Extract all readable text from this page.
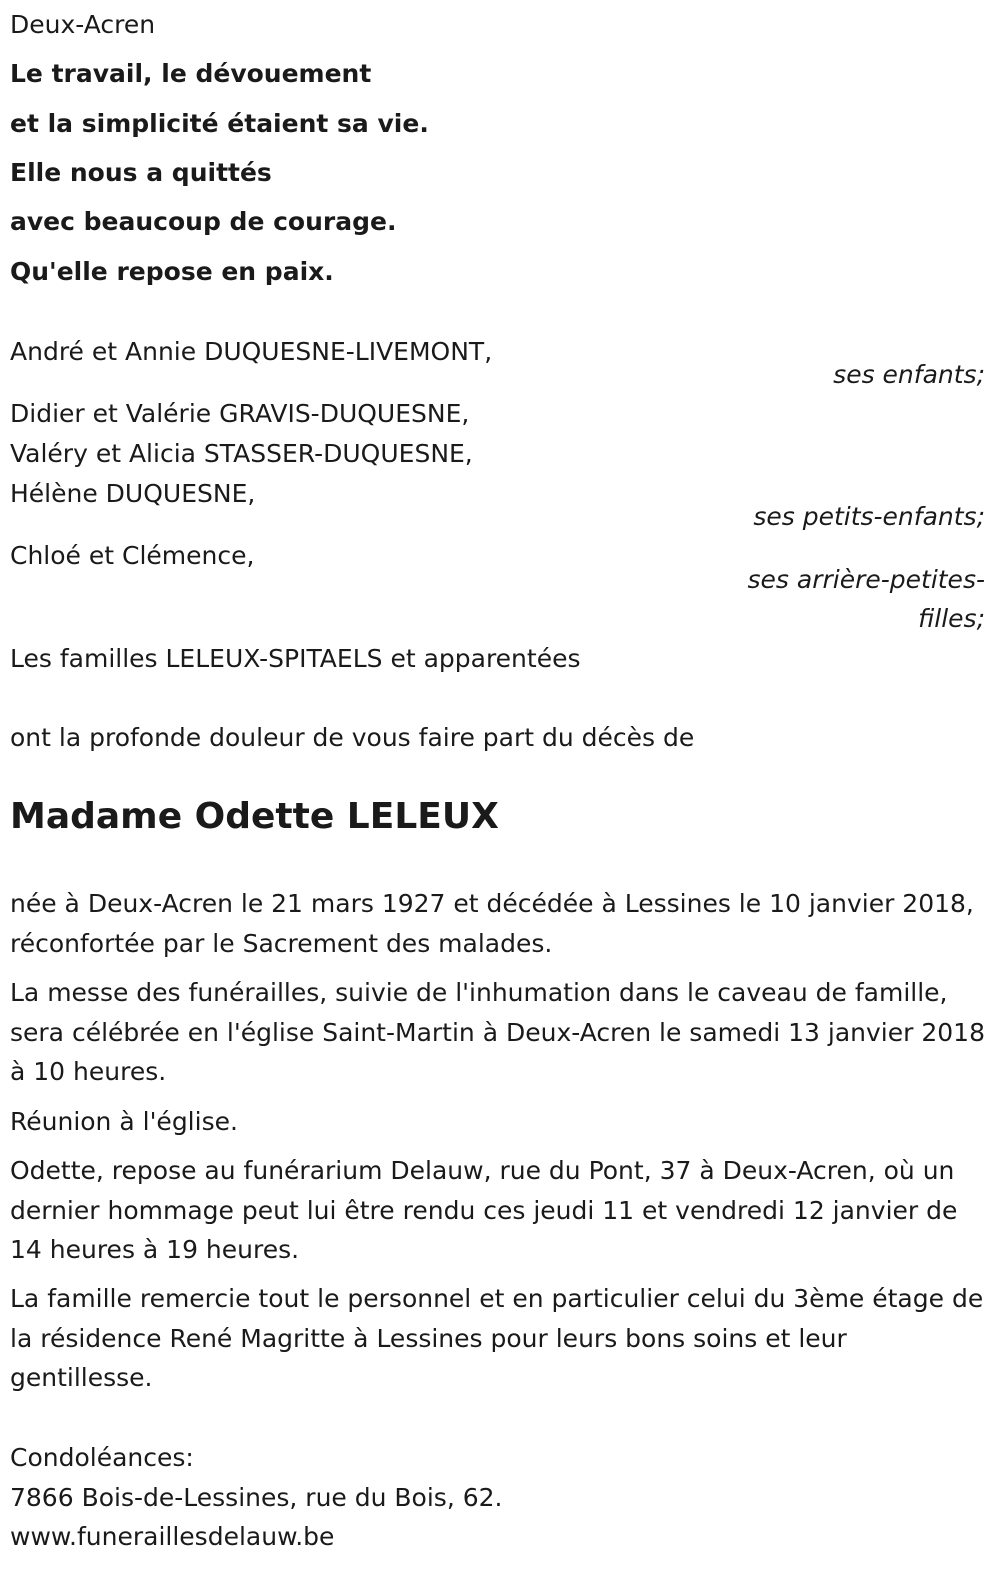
Deux-Acren
Le travail, le dévouement
et la simplicité étaient sa vie.
Elle nous a quittés
avec beaucoup de courage.
Qu'elle repose en paix.
André et Annie DUQUESNE-LIVEMONT,
ses enfants;
Didier et Valérie GRAVIS-DUQUESNE,
Valéry et Alicia STASSER-DUQUESNE,
Hélène DUQUESNE,
ses petits-enfants;
Chloé et Clémence,
ses arrière-petites-
filles;
Les familles LELEUX-SPITAELS et apparentées
ont la profonde douleur de vous faire part du décès de
Madame Odette LELEUX
née à Deux-Acren le 21 mars 1927 et décédée à Lessines le 10 janvier 2018, réconfortée par le Sacrement des malades.
La messe des funérailles, suivie de l'inhumation dans le caveau de famille, sera célébrée en l'église Saint-Martin à Deux-Acren le samedi 13 janvier 2018 à 10 heures.
Réunion à l'église.
Odette, repose au funérarium Delauw, rue du Pont, 37 à Deux-Acren, où un dernier hommage peut lui être rendu ces jeudi 11 et vendredi 12 janvier de 14 heures à 19 heures.
La famille remercie tout le personnel et en particulier celui du 3ème étage de la résidence René Magritte à Lessines pour leurs bons soins et leur gentillesse.
Condoléances:
7866 Bois-de-Lessines, rue du Bois, 62.
www.funeraillesdelauw.be
